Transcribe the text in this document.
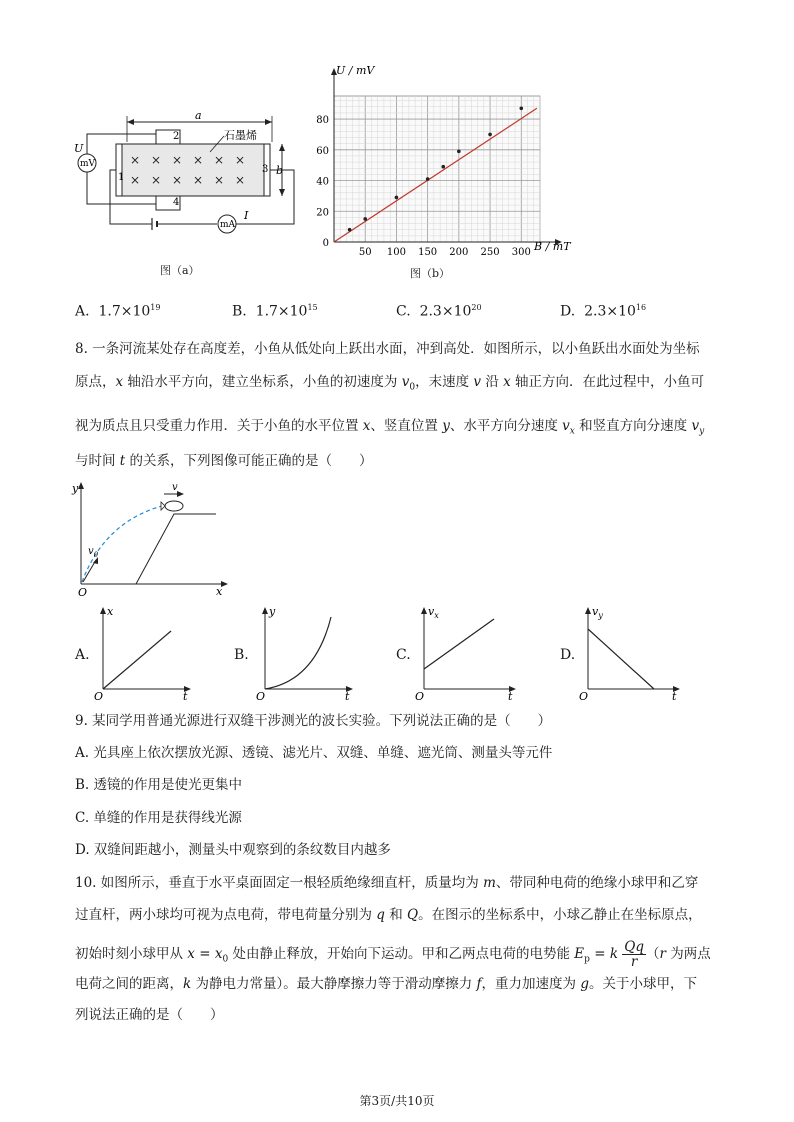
a
× × × × × ×
× × × × × ×
2
4
1
3
石墨烯
b
mV
U
mA
I
图（a）
50 100 150 200 250 300
0
20
40
60
80
U / mV
B / mT
图（b）
A. $1.7\times 10^{19}$	B. $1.7\times 10^{15}$	C. $2.3\times 10^{20}$	D. $2.3\times 10^{16}$
8. 一条河流某处存在高度差，小鱼从低处向上跃出水面，冲到高处．如图所示，以小鱼跃出水面处为坐标
原点，x 轴沿水平方向，建立坐标系，小鱼的初速度为 $v_0$，末速度 v 沿 x 轴正方向．在此过程中，小鱼可
视为质点且只受重力作用．关于小鱼的水平位置 x、竖直位置 y、水平方向分速度 $v_x$ 和竖直方向分速度 $v_y$
与时间 t 的关系，下列图像可能正确的是（　　）
y
x
O
$v_0$
v
A.
x
t
O
B.
y
t
O
C.
$v_x$
t
O
D.
$v_y$
t
O
9. 某同学用普通光源进行双缝干涉测光的波长实验。下列说法正确的是（　　）
A. 光具座上依次摆放光源、透镜、滤光片、双缝、单缝、遮光筒、测量头等元件
B. 透镜的作用是使光更集中
C. 单缝的作用是获得线光源
D. 双缝间距越小，测量头中观察到的条纹数目内越多
10. 如图所示，垂直于水平桌面固定一根轻质绝缘细直杆，质量均为 m、带同种电荷的绝缘小球甲和乙穿
过直杆，两小球均可视为点电荷，带电荷量分别为 q 和 Q。在图示的坐标系中，小球乙静止在坐标原点，
初始时刻小球甲从 $x = x_0$ 处由静止释放，开始向下运动。甲和乙两点电荷的电势能 $E_p = k \frac{Qq}{r} (r$ 为两点
电荷之间的距离，k 为静电力常量）。最大静摩擦力等于滑动摩擦力 f，重力加速度为 g。关于小球甲，下
列说法正确的是（　　）
第3页/共10页
